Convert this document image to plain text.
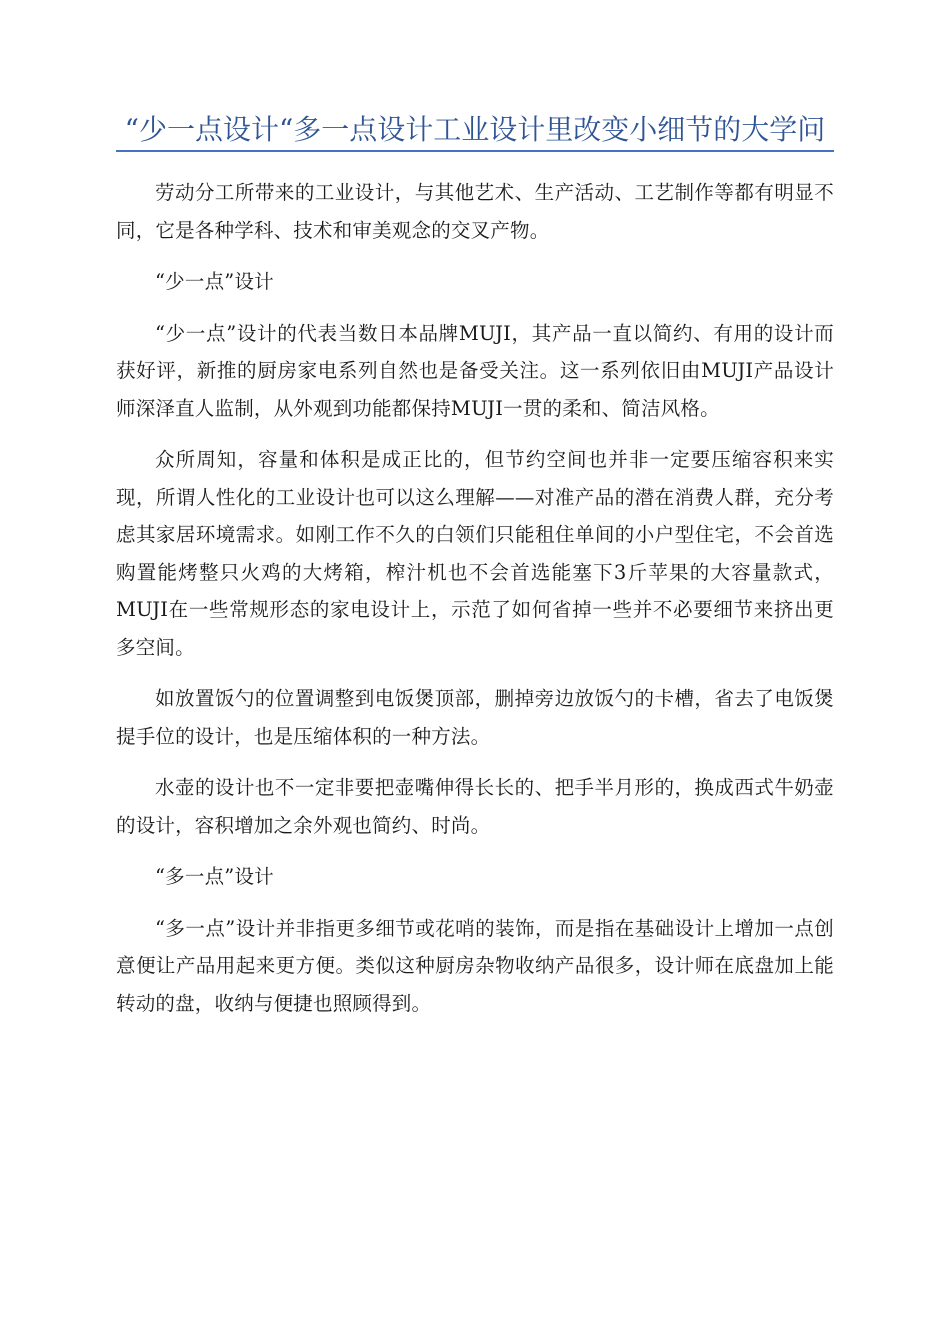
“少一点设计“多一点设计工业设计里改变小细节的大学问

劳动分工所带来的工业设计，与其他艺术、生产活动、工艺制作等都有明显不同，它是各种学科、技术和审美观念的交叉产物。

“少一点”设计

“少一点”设计的代表当数日本品牌MUJI，其产品一直以简约、有用的设计而获好评，新推的厨房家电系列自然也是备受关注。这一系列依旧由MUJI产品设计师深泽直人监制，从外观到功能都保持MUJI一贯的柔和、简洁风格。

众所周知，容量和体积是成正比的，但节约空间也并非一定要压缩容积来实现，所谓人性化的工业设计也可以这么理解——对准产品的潜在消费人群，充分考虑其家居环境需求。如刚工作不久的白领们只能租住单间的小户型住宅，不会首选购置能烤整只火鸡的大烤箱，榨汁机也不会首选能塞下3斤苹果的大容量款式，MUJI在一些常规形态的家电设计上，示范了如何省掉一些并不必要细节来挤出更多空间。

如放置饭勺的位置调整到电饭煲顶部，删掉旁边放饭勺的卡槽，省去了电饭煲提手位的设计，也是压缩体积的一种方法。

水壶的设计也不一定非要把壶嘴伸得长长的、把手半月形的，换成西式牛奶壶的设计，容积增加之余外观也简约、时尚。

“多一点”设计

“多一点”设计并非指更多细节或花哨的装饰，而是指在基础设计上增加一点创意便让产品用起来更方便。类似这种厨房杂物收纳产品很多，设计师在底盘加上能转动的盘，收纳与便捷也照顾得到。
